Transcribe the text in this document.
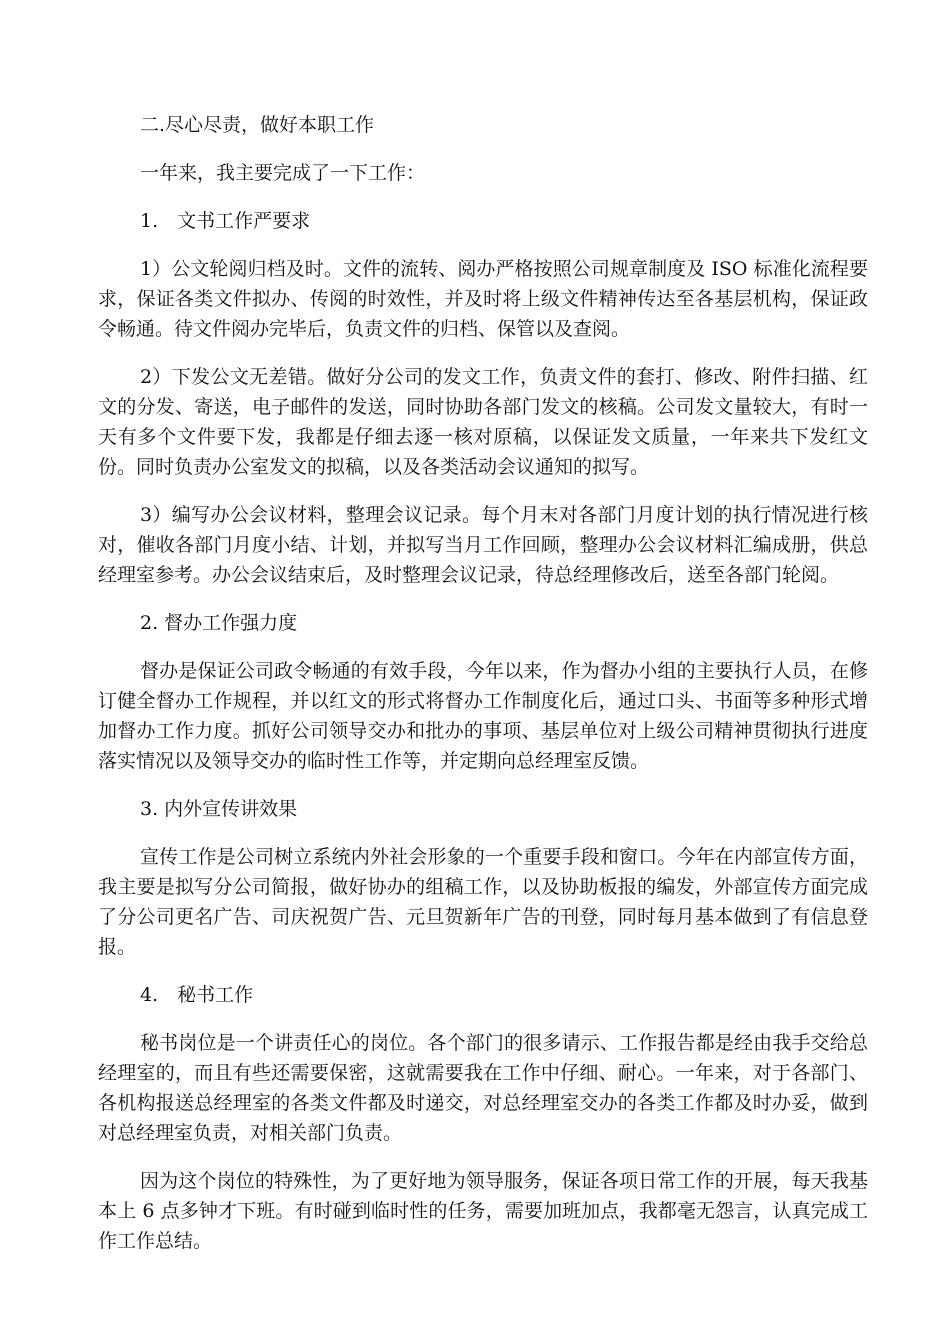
二.尽心尽责，做好本职工作

一年来，我主要完成了一下工作：

1.　文书工作严要求

1）公文轮阅归档及时。文件的流转、阅办严格按照公司规章制度及 ISO 标准化流程要求，保证各类文件拟办、传阅的时效性，并及时将上级文件精神传达至各基层机构，保证政令畅通。待文件阅办完毕后，负责文件的归档、保管以及查阅。

2）下发公文无差错。做好分公司的发文工作，负责文件的套打、修改、附件扫描、红文的分发、寄送，电子邮件的发送，同时协助各部门发文的核稿。公司发文量较大，有时一天有多个文件要下发，我都是仔细去逐一核对原稿，以保证发文质量，一年来共下发红文份。同时负责办公室发文的拟稿，以及各类活动会议通知的拟写。

3）编写办公会议材料，整理会议记录。每个月末对各部门月度计划的执行情况进行核对，催收各部门月度小结、计划，并拟写当月工作回顾，整理办公会议材料汇编成册，供总经理室参考。办公会议结束后，及时整理会议记录，待总经理修改后，送至各部门轮阅。

2. 督办工作强力度

督办是保证公司政令畅通的有效手段，今年以来，作为督办小组的主要执行人员，在修订健全督办工作规程，并以红文的形式将督办工作制度化后，通过口头、书面等多种形式增加督办工作力度。抓好公司领导交办和批办的事项、基层单位对上级公司精神贯彻执行进度落实情况以及领导交办的临时性工作等，并定期向总经理室反馈。

3. 内外宣传讲效果

宣传工作是公司树立系统内外社会形象的一个重要手段和窗口。今年在内部宣传方面，我主要是拟写分公司简报，做好协办的组稿工作，以及协助板报的编发，外部宣传方面完成了分公司更名广告、司庆祝贺广告、元旦贺新年广告的刊登，同时每月基本做到了有信息登报。

4.　秘书工作

秘书岗位是一个讲责任心的岗位。各个部门的很多请示、工作报告都是经由我手交给总经理室的，而且有些还需要保密，这就需要我在工作中仔细、耐心。一年来，对于各部门、各机构报送总经理室的各类文件都及时递交，对总经理室交办的各类工作都及时办妥，做到对总经理室负责，对相关部门负责。

因为这个岗位的特殊性，为了更好地为领导服务，保证各项日常工作的开展，每天我基本上 6 点多钟才下班。有时碰到临时性的任务，需要加班加点，我都毫无怨言，认真完成工作工作总结。
